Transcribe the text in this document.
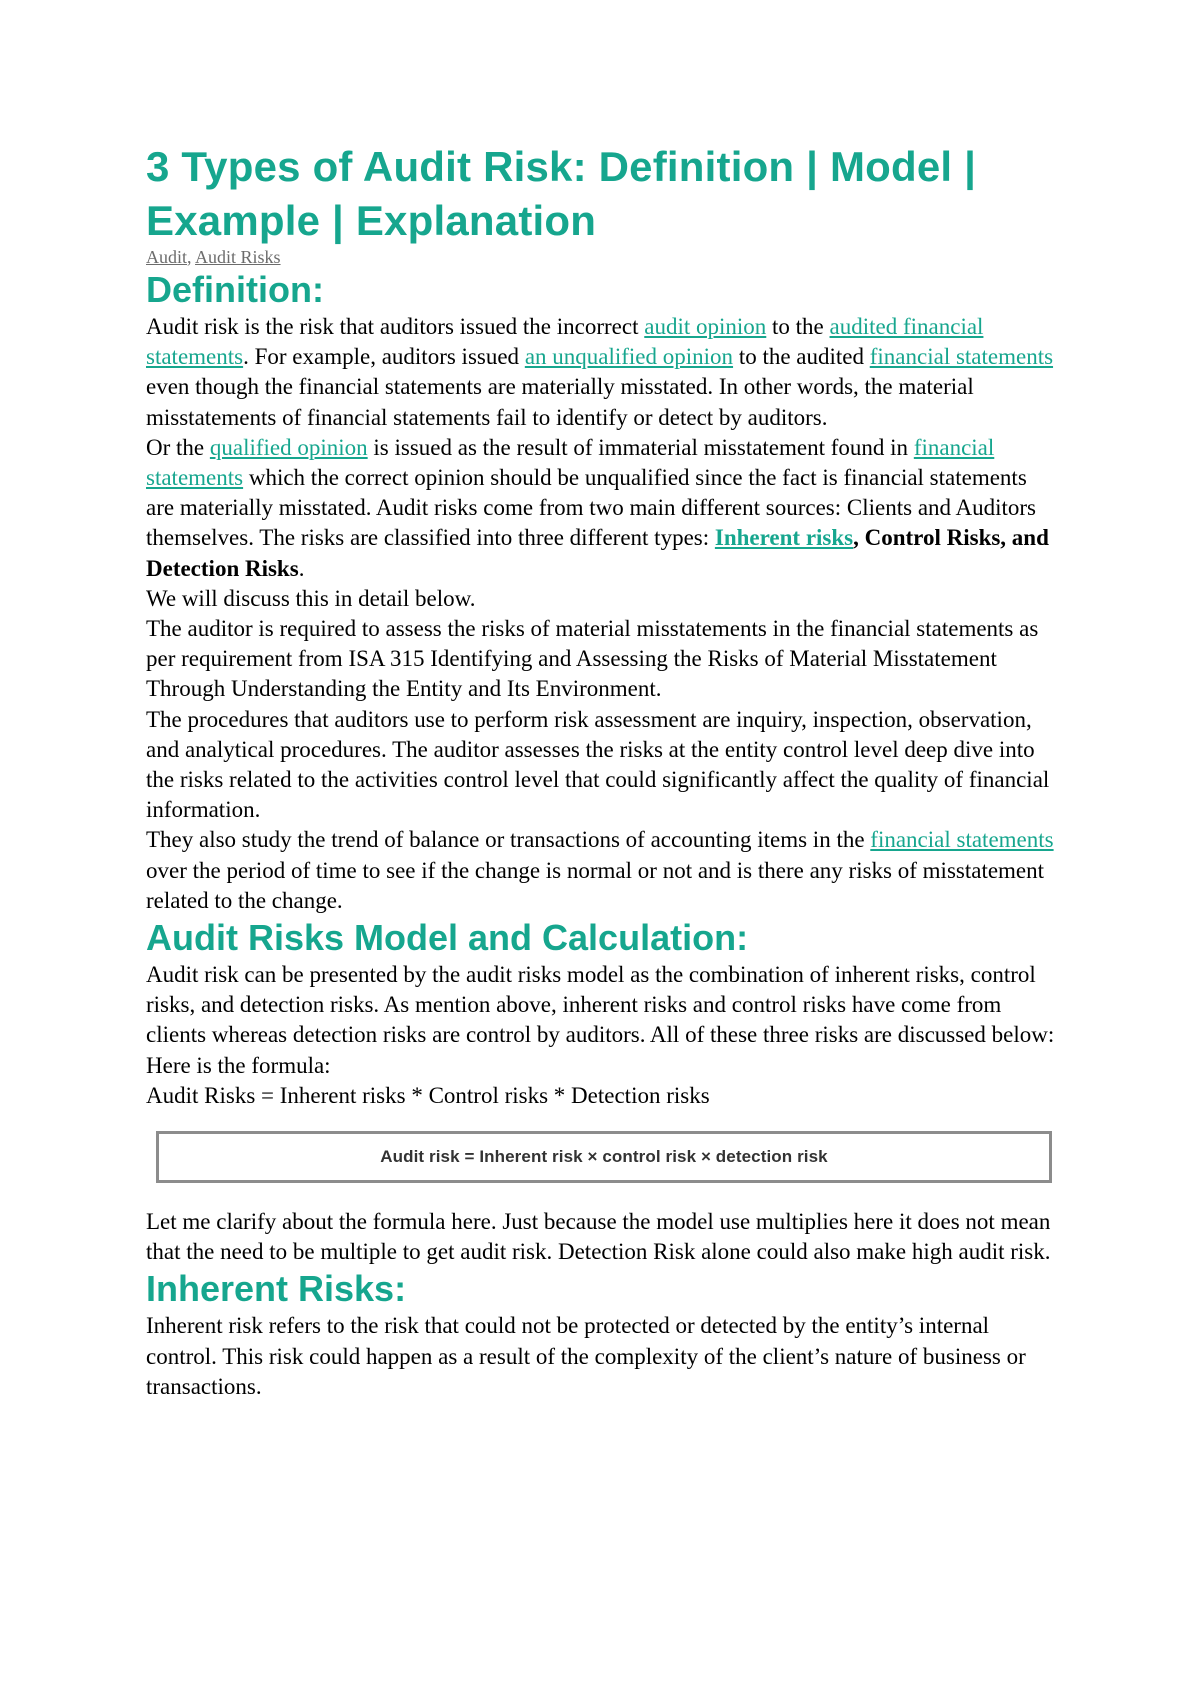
3 Types of Audit Risk: Definition | Model | Example | Explanation
Audit, Audit Risks
Definition:

Audit risk is the risk that auditors issued the incorrect audit opinion to the audited financial statements. For example, auditors issued an unqualified opinion to the audited financial statements even though the financial statements are materially misstated. In other words, the material misstatements of financial statements fail to identify or detect by auditors.

Or the qualified opinion is issued as the result of immaterial misstatement found in financial statements which the correct opinion should be unqualified since the fact is financial statements are materially misstated. Audit risks come from two main different sources: Clients and Auditors themselves. The risks are classified into three different types: Inherent risks, Control Risks, and Detection Risks.

We will discuss this in detail below.

The auditor is required to assess the risks of material misstatements in the financial statements as per requirement from ISA 315 Identifying and Assessing the Risks of Material Misstatement Through Understanding the Entity and Its Environment.

The procedures that auditors use to perform risk assessment are inquiry, inspection, observation, and analytical procedures. The auditor assesses the risks at the entity control level deep dive into the risks related to the activities control level that could significantly affect the quality of financial information.

They also study the trend of balance or transactions of accounting items in the financial statements over the period of time to see if the change is normal or not and is there any risks of misstatement related to the change.

Audit Risks Model and Calculation:

Audit risk can be presented by the audit risks model as the combination of inherent risks, control risks, and detection risks. As mention above, inherent risks and control risks have come from clients whereas detection risks are control by auditors. All of these three risks are discussed below:

Here is the formula:

Audit Risks = Inherent risks * Control risks * Detection risks

Audit risk = Inherent risk × control risk × detection risk

Let me clarify about the formula here. Just because the model use multiplies here it does not mean that the need to be multiple to get audit risk. Detection Risk alone could also make high audit risk.

Inherent Risks:

Inherent risk refers to the risk that could not be protected or detected by the entity’s internal control. This risk could happen as a result of the complexity of the client’s nature of business or transactions.
